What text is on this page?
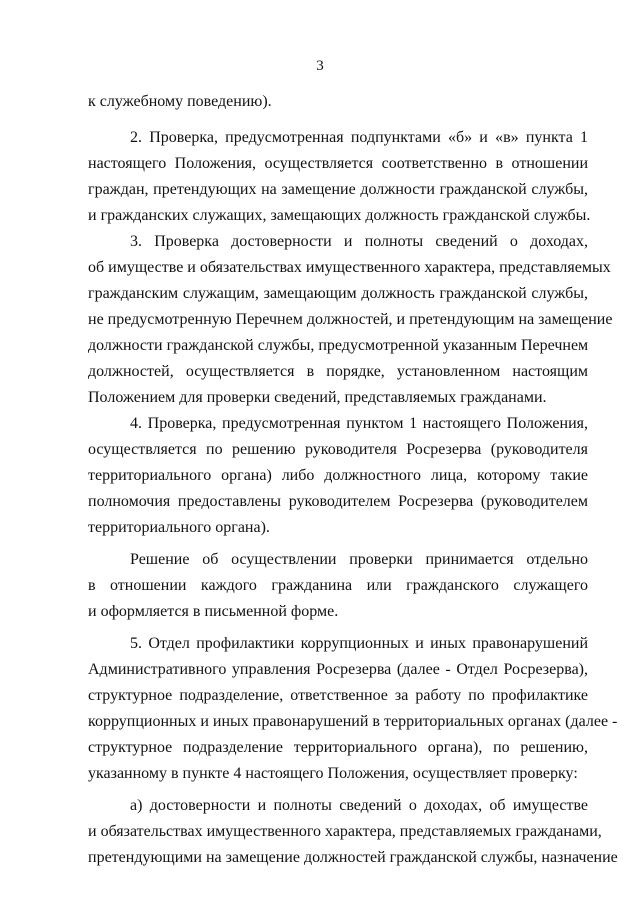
3
к служебному поведению).
2. Проверка, предусмотренная подпунктами «б» и «в» пункта 1
настоящего Положения, осуществляется соответственно в отношении
граждан, претендующих на замещение должности гражданской службы,
и гражданских служащих, замещающих должность гражданской службы.
3. Проверка достоверности и полноты сведений о доходах,
об имуществе и обязательствах имущественного характера, представляемых
гражданским служащим, замещающим должность гражданской службы,
не предусмотренную Перечнем должностей, и претендующим на замещение
должности гражданской службы, предусмотренной указанным Перечнем
должностей, осуществляется в порядке, установленном настоящим
Положением для проверки сведений, представляемых гражданами.
4. Проверка, предусмотренная пунктом 1 настоящего Положения,
осуществляется по решению руководителя Росрезерва (руководителя
территориального органа) либо должностного лица, которому такие
полномочия предоставлены руководителем Росрезерва (руководителем
территориального органа).
Решение об осуществлении проверки принимается отдельно
в отношении каждого гражданина или гражданского служащего
и оформляется в письменной форме.
5. Отдел профилактики коррупционных и иных правонарушений
Административного управления Росрезерва (далее - Отдел Росрезерва),
структурное подразделение, ответственное за работу по профилактике
коррупционных и иных правонарушений в территориальных органах (далее -
структурное подразделение территориального органа), по решению,
указанному в пункте 4 настоящего Положения, осуществляет проверку:
а) достоверности и полноты сведений о доходах, об имуществе
и обязательствах имущественного характера, представляемых гражданами,
претендующими на замещение должностей гражданской службы, назначение
